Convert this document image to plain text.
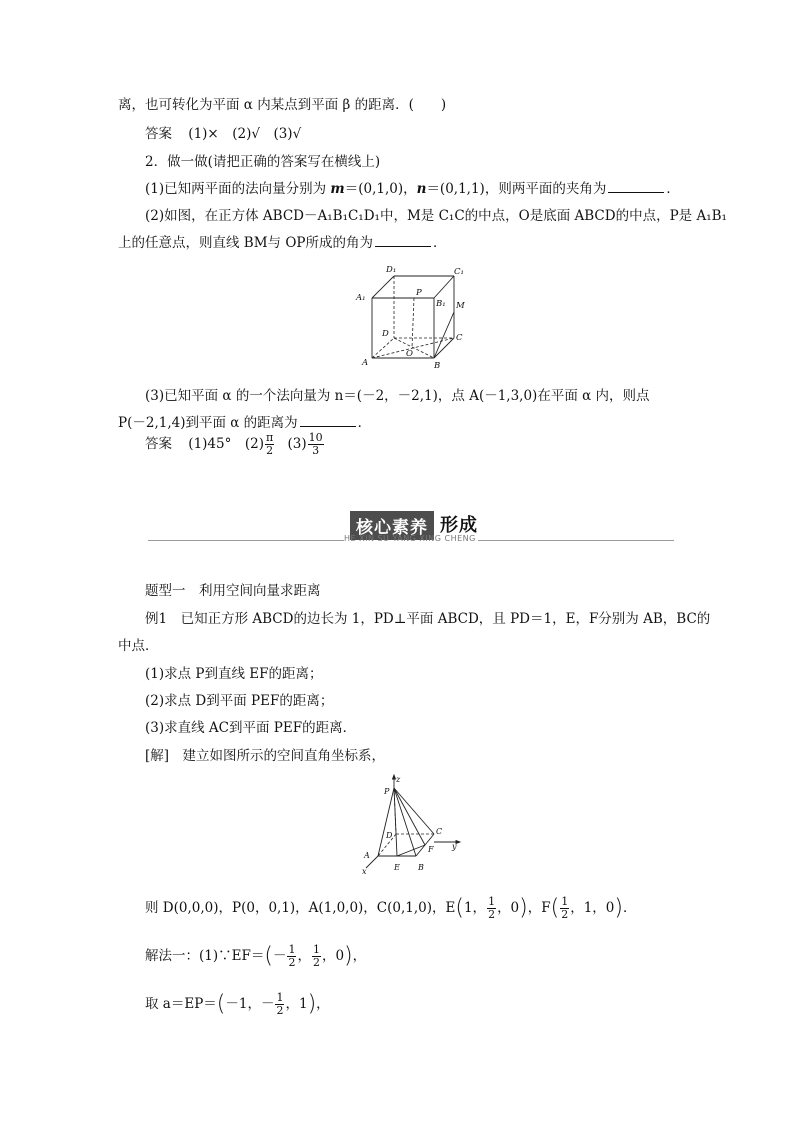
离，也可转化为平面 α 内某点到平面 β 的距离．(　　)
答案 (1)×　(2)√　(3)√
2．做一做(请把正确的答案写在横线上)
(1)已知两平面的法向量分别为 m＝(0,1,0)，n＝(0,1,1)，则两平面的夹角为	．
(2)如图，在正方体 ABCD－A₁B₁C₁D₁中，M是 C₁C的中点，O是底面 ABCD的中点，P是 A₁B₁
上的任意点，则直线 BM与 OP所成的角为	．
D₁	C₁
A₁
B₁
P
M
D	C
O
A	B
(3)已知平面 α 的一个法向量为 n＝(－2，－2,1)，点 A(－1,3,0)在平面 α 内，则点
P(－2,1,4)到平面 α 的距离为	．
答案 (1)45°　$(2) \frac{\pi}{2} (3) \frac{10}{3}$
核心素养 形成
HE XIN SU YANG XING CHENG
题型一　利用空间向量求距离
例1　已知正方形 ABCD的边长为 1，PD⊥平面 ABCD，且 PD＝1，E，F分别为 AB，BC的
中点．
(1)求点 P到直线 EF的距离；
(2)求点 D到平面 PEF的距离；
(3)求直线 AC到平面 PEF的距离．
[解]　建立如图所示的空间直角坐标系，
z
P
C
y
D
A
E B
F
x
则 D(0,0,0)，P(0，0,1)，A(1,0,0)，C(0,1,0)，E(1， $\frac{1}{2}$ ，0)，$F( \frac{1}{2}$ ，1，0)．
解法一：(1)∵EF＝(－ $\frac{1}{2}$ ， $\frac{1}{2}$ ，0)，
取 a＝EP＝(－1，－ $\frac{1}{2}$ ，1)，
